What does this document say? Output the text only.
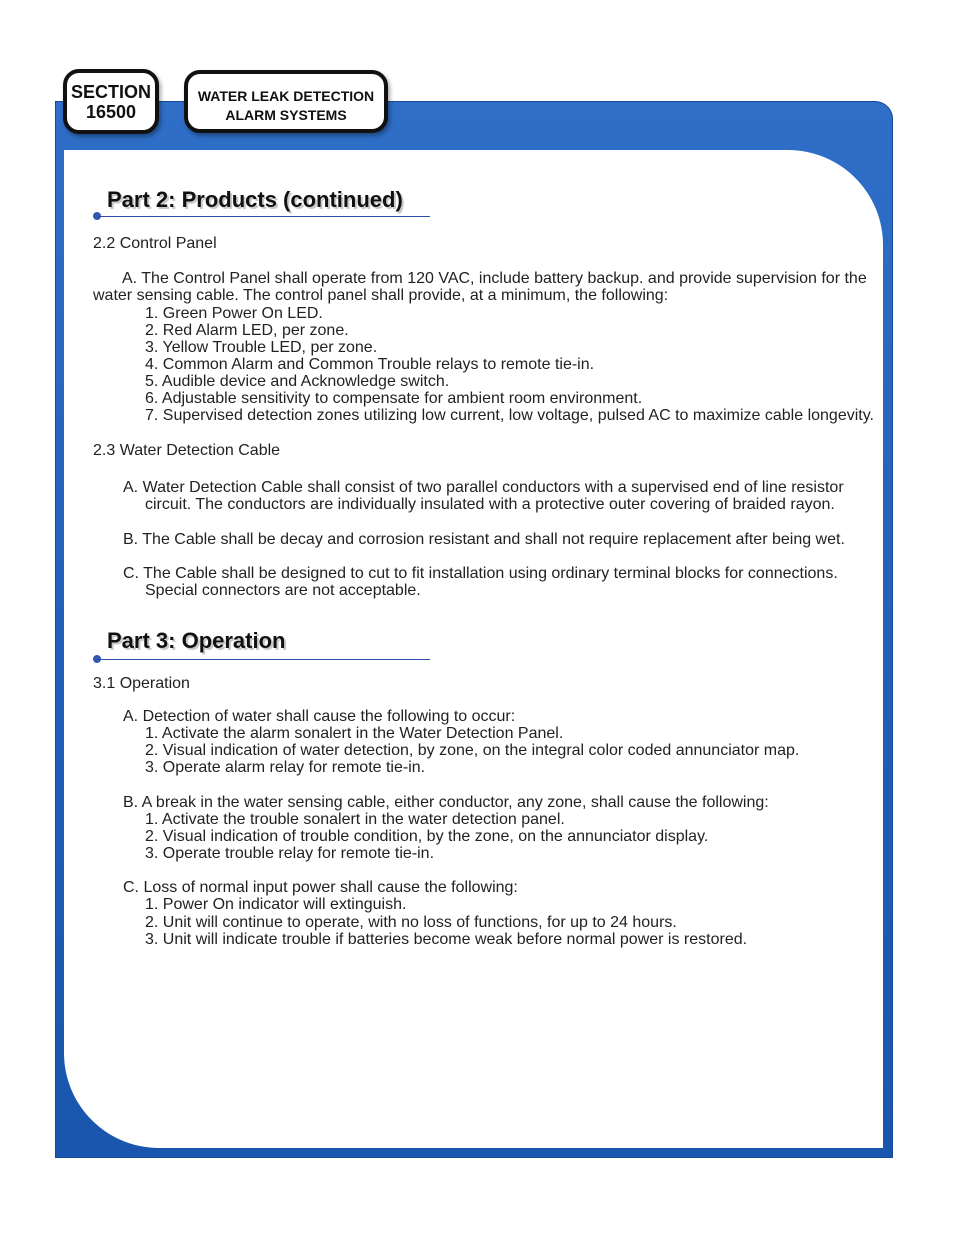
SECTION
16500
WATER LEAK DETECTION
ALARM SYSTEMS
Part 2: Products (continued)
2.2 Control Panel
A. The Control Panel shall operate from 120 VAC, include battery backup. and provide supervision for the
water sensing cable. The control panel shall provide, at a minimum, the following:
1. Green Power On LED.
2. Red Alarm LED, per zone.
3. Yellow Trouble LED, per zone.
4. Common Alarm and Common Trouble relays to remote tie-in.
5. Audible device and Acknowledge switch.
6. Adjustable sensitivity to compensate for ambient room environment.
7. Supervised detection zones utilizing low current, low voltage, pulsed AC to maximize cable longevity.
2.3 Water Detection Cable
A. Water Detection Cable shall consist of two parallel conductors with a supervised end of line resistor
circuit. The conductors are individually insulated with a protective outer covering of braided rayon.
B. The Cable shall be decay and corrosion resistant and shall not require replacement after being wet.
C. The Cable shall be designed to cut to fit installation using ordinary terminal blocks for connections.
Special connectors are not acceptable.
Part 3: Operation
3.1 Operation
A. Detection of water shall cause the following to occur:
1. Activate the alarm sonalert in the Water Detection Panel.
2. Visual indication of water detection, by zone, on the integral color coded annunciator map.
3. Operate alarm relay for remote tie-in.
B. A break in the water sensing cable, either conductor, any zone, shall cause the following:
1. Activate the trouble sonalert in the water detection panel.
2. Visual indication of trouble condition, by the zone, on the annunciator display.
3. Operate trouble relay for remote tie-in.
C. Loss of normal input power shall cause the following:
1. Power On indicator will extinguish.
2. Unit will continue to operate, with no loss of functions, for up to 24 hours.
3. Unit will indicate trouble if batteries become weak before normal power is restored.
